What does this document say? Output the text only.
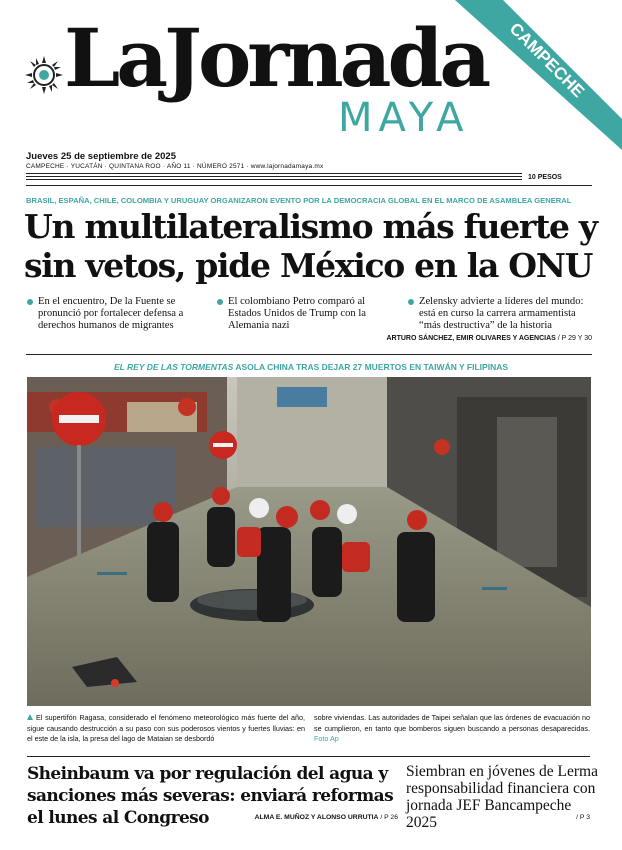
LaJornada
MAYA
CAMPECHE
Jueves 25 de septiembre de 2025
CAMPECHE · YUCATÁN · QUINTANA ROO · AÑO 11 · NÚMERO 2571 · www.lajornadamaya.mx
10 PESOS
BRASIL, ESPAÑA, CHILE, COLOMBIA Y URUGUAY ORGANIZARON EVENTO POR LA DEMOCRACIA GLOBAL EN EL MARCO DE ASAMBLEA GENERAL
Un multilateralismo más fuerte y
sin vetos, pide México en la ONU
En el encuentro, De la Fuente se pronunció por fortalecer defensa a derechos humanos de migrantes
El colombiano Petro comparó al Estados Unidos de Trump con la Alemania nazi
Zelensky advierte a líderes del mundo: está en curso la carrera armamentista “más destructiva” de la historia
ARTURO SÁNCHEZ, EMIR OLIVARES Y AGENCIAS / P 29 Y 30
EL REY DE LAS TORMENTAS ASOLA CHINA TRAS DEJAR 27 MUERTOS EN TAIWÁN Y FILIPINAS
El supertifón Ragasa, considerado el fenómeno meteorológico más fuerte del año, sigue causando destrucción a su paso con sus poderosos vientos y fuertes lluvias: en el este de la isla, la presa del lago de Mataian se desbordó
sobre viviendas. Las autoridades de Taipei señalan que las órdenes de evacuación no se cumplieron, en tanto que bomberos siguen buscando a personas desaparecidas. Foto Ap
Sheinbaum va por regulación del agua y sanciones más severas: enviará reformas el lunes al Congreso
Siembran en jóvenes de Lerma responsabilidad financiera con jornada JEF Bancampeche 2025
ALMA E. MUÑOZ Y ALONSO URRUTIA / P 26	/ P 3
